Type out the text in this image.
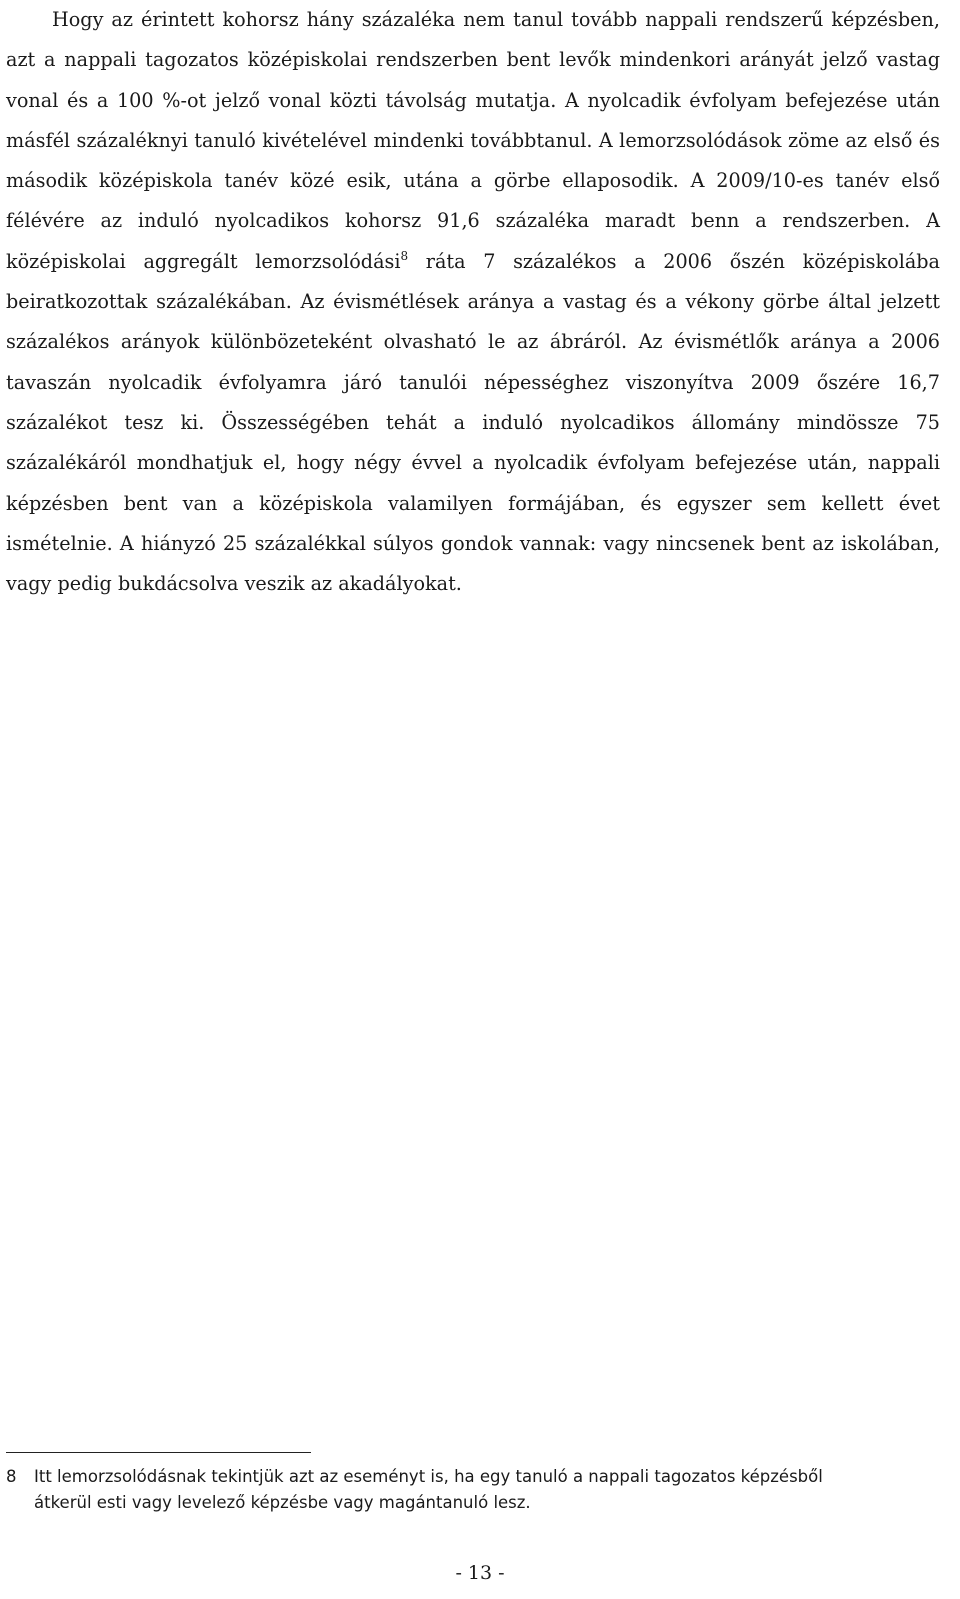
Hogy az érintett kohorsz hány százaléka nem tanul tovább nappali rendszerű képzésben, azt a nappali tagozatos középiskolai rendszerben bent levők mindenkori arányát jelző vastag vonal és a 100 %-ot jelző vonal közti távolság mutatja. A nyolcadik évfolyam befejezése után másfél százaléknyi tanuló kivételével mindenki továbbtanul. A lemorzsolódások zöme az első és második középiskola tanév közé esik, utána a görbe ellaposodik. A 2009/10-es tanév első félévére az induló nyolcadikos kohorsz 91,6 százaléka maradt benn a rendszerben. A középiskolai aggregált lemorzsolódási$^8$ ráta 7 százalékos a 2006 őszén középiskolába beiratkozottak százalékában. Az évismétlések aránya a vastag és a vékony görbe által jelzett százalékos arányok különbözeteként olvasható le az ábráról. Az évismétlők aránya a 2006 tavaszán nyolcadik évfolyamra járó tanulói népességhez viszonyítva 2009 őszére 16,7 százalékot tesz ki. Összességében tehát a induló nyolcadikos állomány mindössze 75 százalékáról mondhatjuk el, hogy négy évvel a nyolcadik évfolyam befejezése után, nappali képzésben bent van a középiskola valamilyen formájában, és egyszer sem kellett évet ismételnie. A hiányzó 25 százalékkal súlyos gondok vannak: vagy nincsenek bent az iskolában, vagy pedig bukdácsolva veszik az akadályokat.

8 Itt lemorzsolódásnak tekintjük azt az eseményt is, ha egy tanuló a nappali tagozatos képzésből
átkerül esti vagy levelező képzésbe vagy magántanuló lesz.
- 13 -
